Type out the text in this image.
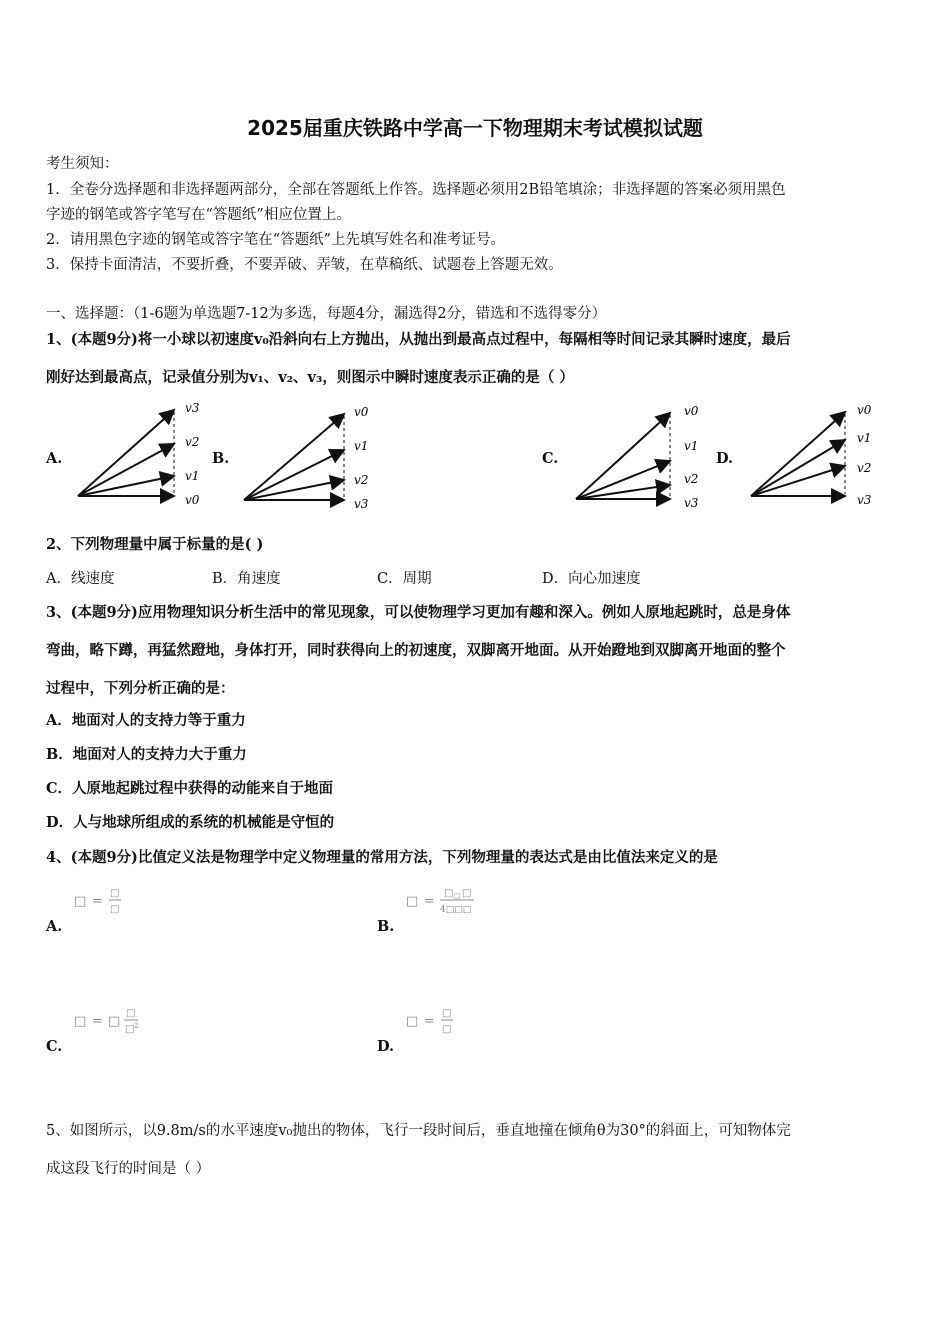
2025届重庆铁路中学高一下物理期末考试模拟试题
考生须知：
1．全卷分选择题和非选择题两部分，全部在答题纸上作答。选择题必须用2B铅笔填涂；非选择题的答案必须用黑色
字迹的钢笔或答字笔写在“答题纸”相应位置上。
2．请用黑色字迹的钢笔或答字笔在“答题纸”上先填写姓名和准考证号。
3．保持卡面清洁，不要折叠，不要弄破、弄皱，在草稿纸、试题卷上答题无效。
一、选择题：（1-6题为单选题7-12为多选，每题4分，漏选得2分，错选和不选得零分）
1、(本题9分)将一小球以初速度v₀沿斜向右上方抛出，从抛出到最高点过程中，每隔相等时间记录其瞬时速度，最后
刚好达到最高点，记录值分别为v₁、v₂、v₃，则图示中瞬时速度表示正确的是（ ）
A.	B.	C.	D.
v3
v2
v1
v0
v0
v1
v2
v3
v0
v1
v2
v3
v0
v1
v2
v3
2、下列物理量中属于标量的是( )
A．线速度	B．角速度	C．周期	D．向心加速度
3、(本题9分)应用物理知识分析生活中的常见现象，可以使物理学习更加有趣和深入。例如人原地起跳时，总是身体
弯曲，略下蹲，再猛然蹬地，身体打开，同时获得向上的初速度，双脚离开地面。从开始蹬地到双脚离开地面的整个
过程中，下列分析正确的是：
A．地面对人的支持力等于重力
B．地面对人的支持力大于重力
C．人原地起跳过程中获得的动能来自于地面
D．人与地球所组成的系统的机械能是守恒的
4、(本题9分)比值定义法是物理学中定义物理量的常用方法，下列物理量的表达式是由比值法来定义的是
□ =
□
□
A.
□ =
□ □ □
4□□□
B.
□ = □
□
□ 2
C.
□ =
□
□
D.
5、如图所示，以9.8m/s的水平速度v₀抛出的物体，飞行一段时间后，垂直地撞在倾角θ为30°的斜面上，可知物体完
成这段飞行的时间是（ ）
